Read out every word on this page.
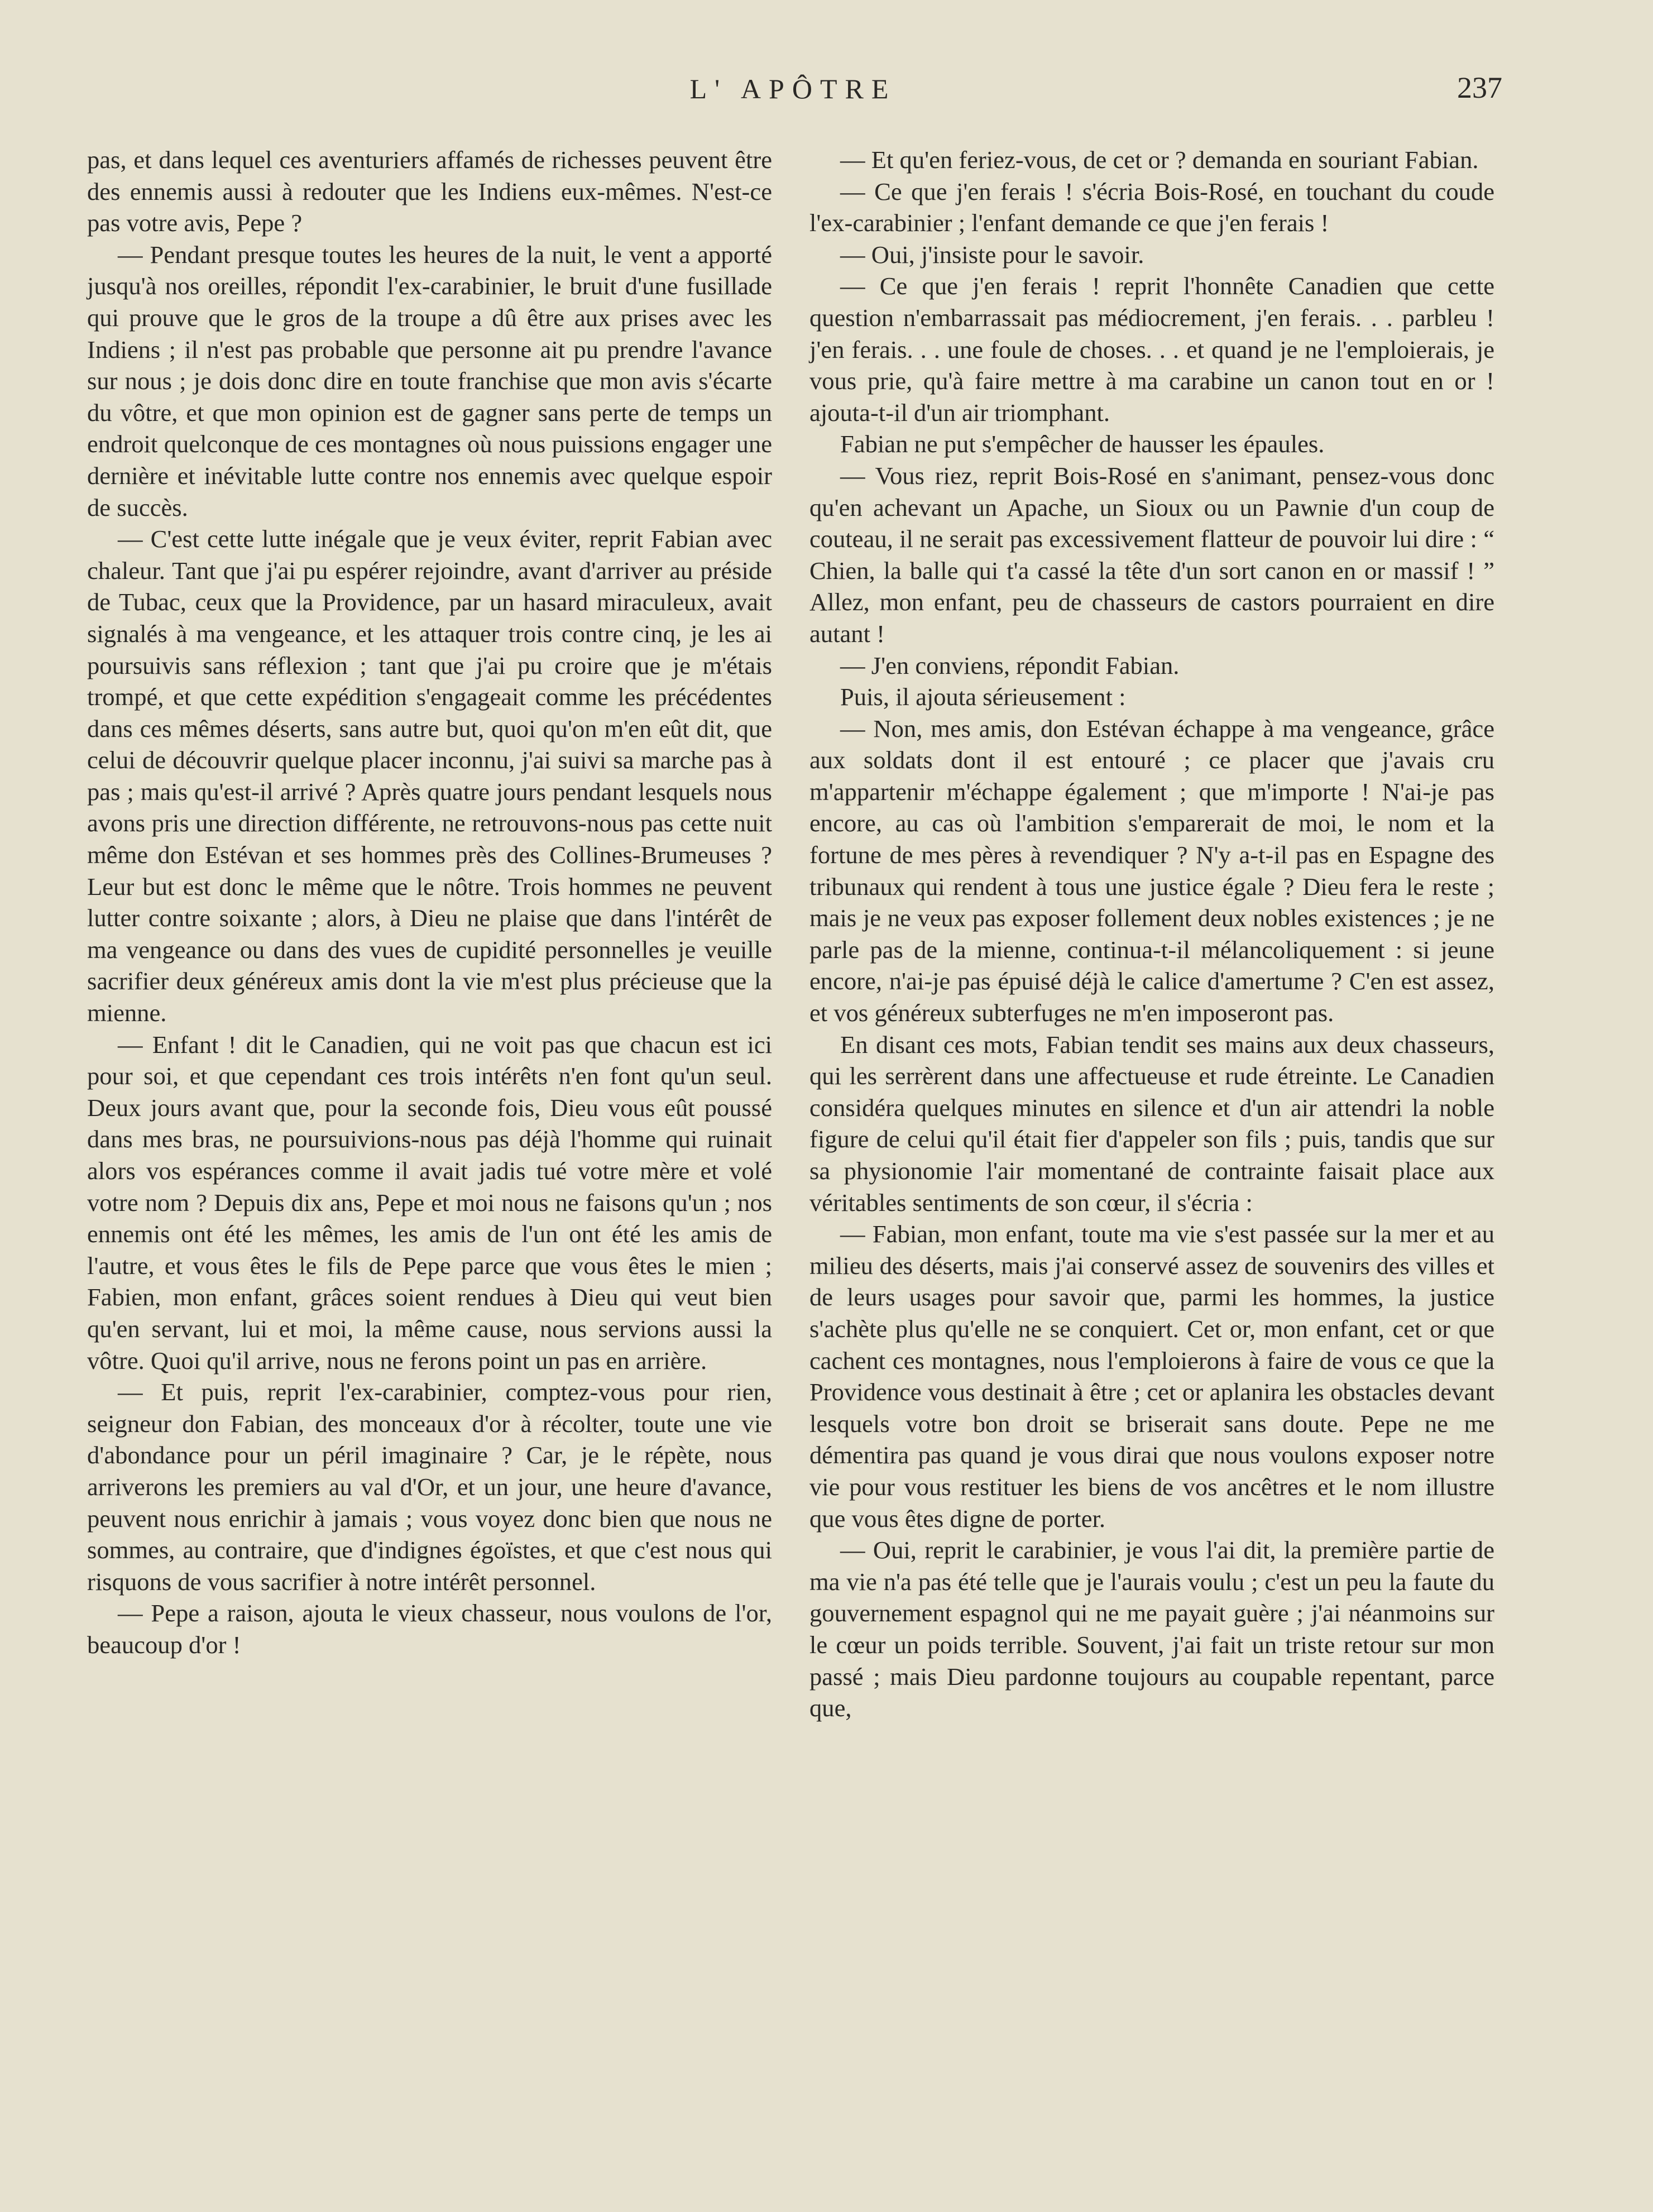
L' APÔTRE	237

pas, et dans lequel ces aventuriers affamés de richesses peuvent être des ennemis aussi à redouter que les Indiens eux-mêmes. N'est-ce pas votre avis, Pepe ?

— Pendant presque toutes les heures de la nuit, le vent a apporté jusqu'à nos oreilles, répondit l'ex-carabinier, le bruit d'une fusillade qui prouve que le gros de la troupe a dû être aux prises avec les Indiens ; il n'est pas probable que personne ait pu prendre l'avance sur nous ; je dois donc dire en toute franchise que mon avis s'écarte du vôtre, et que mon opinion est de gagner sans perte de temps un endroit quelconque de ces montagnes où nous puissions engager une dernière et inévitable lutte contre nos ennemis avec quelque espoir de succès.

— C'est cette lutte inégale que je veux éviter, reprit Fabian avec chaleur. Tant que j'ai pu espérer rejoindre, avant d'arriver au préside de Tubac, ceux que la Providence, par un hasard miraculeux, avait signalés à ma vengeance, et les attaquer trois contre cinq, je les ai poursuivis sans réflexion ; tant que j'ai pu croire que je m'étais trompé, et que cette expédition s'engageait comme les précédentes dans ces mêmes déserts, sans autre but, quoi qu'on m'en eût dit, que celui de découvrir quelque placer inconnu, j'ai suivi sa marche pas à pas ; mais qu'est-il arrivé ? Après quatre jours pendant lesquels nous avons pris une direction différente, ne retrouvons-nous pas cette nuit même don Estévan et ses hommes près des Collines-Brumeuses ? Leur but est donc le même que le nôtre. Trois hommes ne peuvent lutter contre soixante ; alors, à Dieu ne plaise que dans l'intérêt de ma vengeance ou dans des vues de cupidité personnelles je veuille sacrifier deux généreux amis dont la vie m'est plus précieuse que la mienne.

— Enfant ! dit le Canadien, qui ne voit pas que chacun est ici pour soi, et que cependant ces trois intérêts n'en font qu'un seul. Deux jours avant que, pour la seconde fois, Dieu vous eût poussé dans mes bras, ne poursuivions-nous pas déjà l'homme qui ruinait alors vos espérances comme il avait jadis tué votre mère et volé votre nom ? Depuis dix ans, Pepe et moi nous ne faisons qu'un ; nos ennemis ont été les mêmes, les amis de l'un ont été les amis de l'autre, et vous êtes le fils de Pepe parce que vous êtes le mien ; Fabien, mon enfant, grâces soient rendues à Dieu qui veut bien qu'en servant, lui et moi, la même cause, nous servions aussi la vôtre. Quoi qu'il arrive, nous ne ferons point un pas en arrière.

— Et puis, reprit l'ex-carabinier, comptez-vous pour rien, seigneur don Fabian, des monceaux d'or à récolter, toute une vie d'abondance pour un péril imaginaire ? Car, je le répète, nous arriverons les premiers au val d'Or, et un jour, une heure d'avance, peuvent nous enrichir à jamais ; vous voyez donc bien que nous ne sommes, au contraire, que d'indignes égoïstes, et que c'est nous qui risquons de vous sacrifier à notre intérêt personnel.

— Pepe a raison, ajouta le vieux chasseur, nous voulons de l'or, beaucoup d'or !

— Et qu'en feriez-vous, de cet or ? demanda en souriant Fabian.

— Ce que j'en ferais ! s'écria Bois-Rosé, en touchant du coude l'ex-carabinier ; l'enfant demande ce que j'en ferais !

— Oui, j'insiste pour le savoir.

— Ce que j'en ferais ! reprit l'honnête Canadien que cette question n'embarrassait pas médiocrement, j'en ferais. . . parbleu ! j'en ferais. . . une foule de choses. . . et quand je ne l'emploierais, je vous prie, qu'à faire mettre à ma carabine un canon tout en or ! ajouta-t-il d'un air triomphant.

Fabian ne put s'empêcher de hausser les épaules.

— Vous riez, reprit Bois-Rosé en s'animant, pensez-vous donc qu'en achevant un Apache, un Sioux ou un Pawnie d'un coup de couteau, il ne serait pas excessivement flatteur de pouvoir lui dire : “ Chien, la balle qui t'a cassé la tête d'un sort canon en or massif ! ” Allez, mon enfant, peu de chasseurs de castors pourraient en dire autant !

— J'en conviens, répondit Fabian.

Puis, il ajouta sérieusement :

— Non, mes amis, don Estévan échappe à ma vengeance, grâce aux soldats dont il est entouré ; ce placer que j'avais cru m'appartenir m'échappe également ; que m'importe ! N'ai-je pas encore, au cas où l'ambition s'emparerait de moi, le nom et la fortune de mes pères à revendiquer ? N'y a-t-il pas en Espagne des tribunaux qui rendent à tous une justice égale ? Dieu fera le reste ; mais je ne veux pas exposer follement deux nobles existences ; je ne parle pas de la mienne, continua-t-il mélancoliquement : si jeune encore, n'ai-je pas épuisé déjà le calice d'amertume ? C'en est assez, et vos généreux subterfuges ne m'en imposeront pas.

En disant ces mots, Fabian tendit ses mains aux deux chasseurs, qui les serrèrent dans une affectueuse et rude étreinte. Le Canadien considéra quelques minutes en silence et d'un air attendri la noble figure de celui qu'il était fier d'appeler son fils ; puis, tandis que sur sa physionomie l'air momentané de contrainte faisait place aux véritables sentiments de son cœur, il s'écria :

— Fabian, mon enfant, toute ma vie s'est passée sur la mer et au milieu des déserts, mais j'ai conservé assez de souvenirs des villes et de leurs usages pour savoir que, parmi les hommes, la justice s'achète plus qu'elle ne se conquiert. Cet or, mon enfant, cet or que cachent ces montagnes, nous l'emploierons à faire de vous ce que la Providence vous destinait à être ; cet or aplanira les obstacles devant lesquels votre bon droit se briserait sans doute. Pepe ne me démentira pas quand je vous dirai que nous voulons exposer notre vie pour vous restituer les biens de vos ancêtres et le nom illustre que vous êtes digne de porter.

— Oui, reprit le carabinier, je vous l'ai dit, la première partie de ma vie n'a pas été telle que je l'aurais voulu ; c'est un peu la faute du gouvernement espagnol qui ne me payait guère ; j'ai néanmoins sur le cœur un poids terrible. Souvent, j'ai fait un triste retour sur mon passé ; mais Dieu pardonne toujours au coupable repentant, parce que,
